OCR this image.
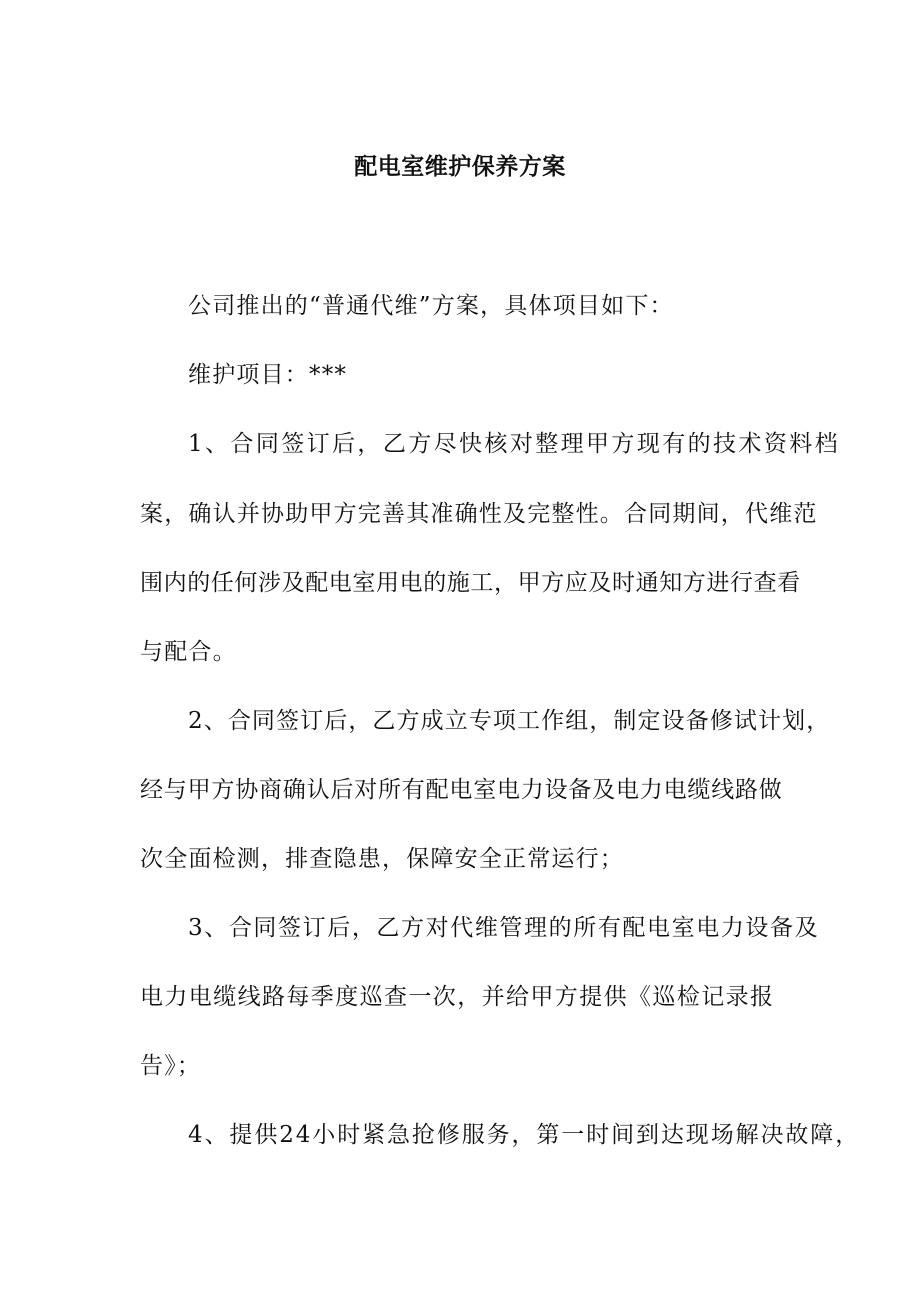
配电室维护保养方案
公司推出的“普通代维”方案，具体项目如下：
维护项目：***
1、合同签订后，乙方尽快核对整理甲方现有的技术资料档
案，确认并协助甲方完善其准确性及完整性。合同期间，代维范
围内的任何涉及配电室用电的施工，甲方应及时通知方进行查看
与配合。
2、合同签订后，乙方成立专项工作组，制定设备修试计划，
经与甲方协商确认后对所有配电室电力设备及电力电缆线路做
次全面检测，排查隐患，保障安全正常运行；
3、合同签订后，乙方对代维管理的所有配电室电力设备及
电力电缆线路每季度巡查一次，并给甲方提供《巡检记录报
告》；
4、提供24小时紧急抢修服务，第一时间到达现场解决故障，
